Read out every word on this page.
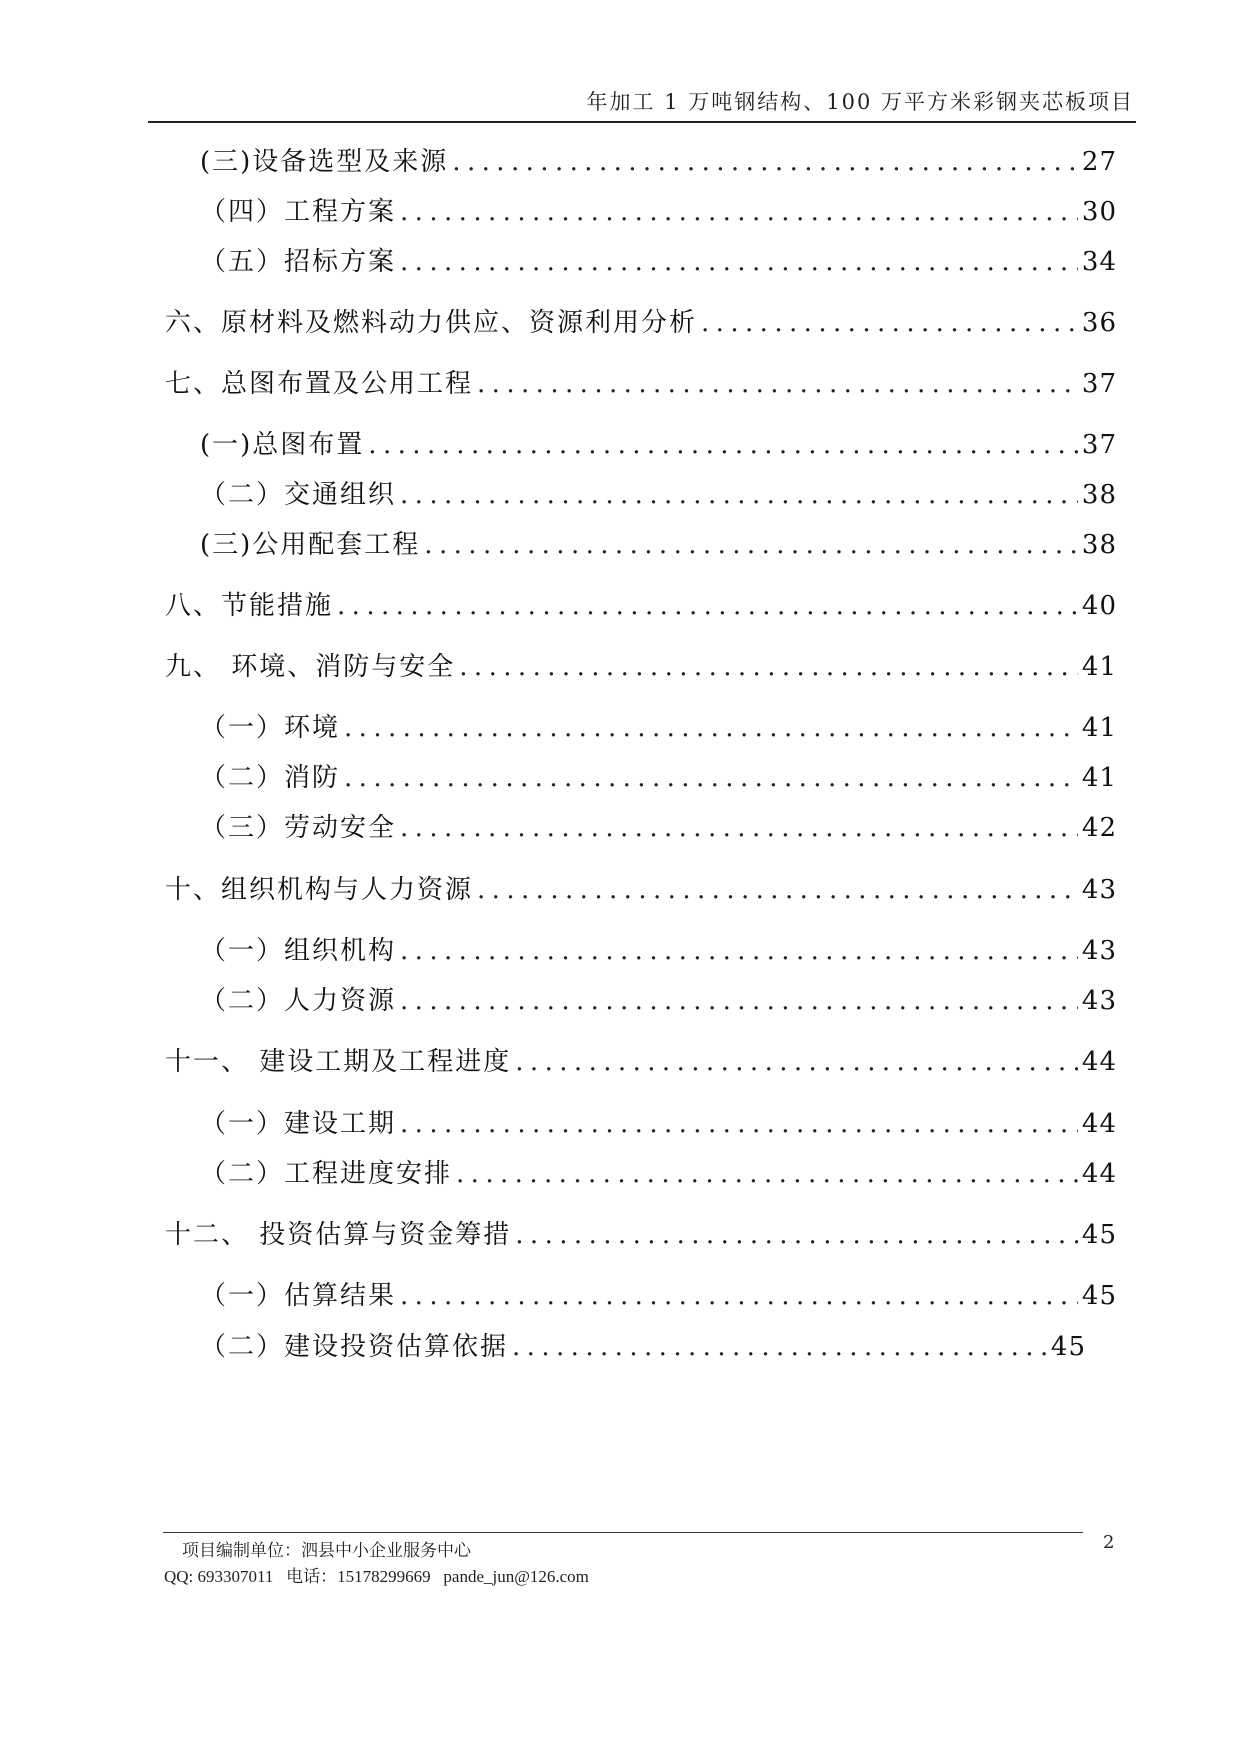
年加工 1 万吨钢结构、100 万平方米彩钢夹芯板项目
(三)设备选型及来源 .....	27
（四）工程方案 .....	30
（五）招标方案 .....	34
六、原材料及燃料动力供应、资源利用分析 .....	36
七、总图布置及公用工程 .....	37
(一)总图布置 .....	37
（二）交通组织 .....	38
(三)公用配套工程 .....	38
八、节能措施 .....	40
九、 环境、消防与安全 .....	41
（一）环境 .....	41
（二）消防 .....	41
（三）劳动安全 .....	42
十、组织机构与人力资源 .....	43
（一）组织机构 .....	43
（二）人力资源 .....	43
十一、 建设工期及工程进度 .....	44
（一）建设工期 .....	44
（二）工程进度安排 .....	44
十二、 投资估算与资金筹措 .....	45
（一）估算结果 .....	45
（二）建设投资估算依据 .....	45
项目编制单位：泗县中小企业服务中心	2
QQ: 693307011 电话：15178299669 pande_jun@126.com
